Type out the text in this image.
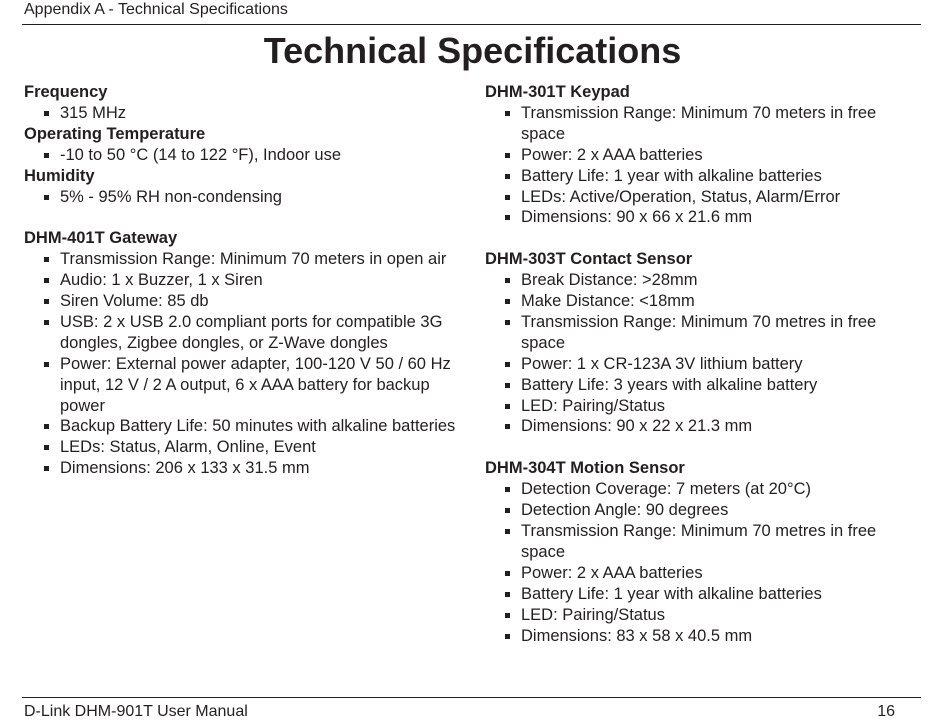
Appendix A - Technical Specifications
Technical Specifications
Frequency
315 MHz
Operating Temperature
-10 to 50 °C (14 to 122 °F), Indoor use
Humidity
5% - 95% RH non-condensing
DHM-401T Gateway
Transmission Range: Minimum 70 meters in open air
Audio: 1 x Buzzer, 1 x Siren
Siren Volume: 85 db
USB: 2 x USB 2.0 compliant ports for compatible 3G dongles, Zigbee dongles, or Z-Wave dongles
Power: External power adapter, 100-120 V 50 / 60 Hz input, 12 V / 2 A output, 6 x AAA battery for backup power
Backup Battery Life: 50 minutes with alkaline batteries
LEDs: Status, Alarm, Online, Event
Dimensions: 206 x 133 x 31.5 mm
DHM-301T Keypad
Transmission Range: Minimum 70 meters in free space
Power: 2 x AAA batteries
Battery Life: 1 year with alkaline batteries
LEDs: Active/Operation, Status, Alarm/Error
Dimensions: 90 x 66 x 21.6 mm
DHM-303T Contact Sensor
Break Distance: >28mm
Make Distance: <18mm
Transmission Range: Minimum 70 metres in free space
Power: 1 x CR-123A 3V lithium battery
Battery Life: 3 years with alkaline battery
LED: Pairing/Status
Dimensions: 90 x 22 x 21.3 mm
DHM-304T Motion Sensor
Detection Coverage: 7 meters (at 20°C)
Detection Angle: 90 degrees
Transmission Range: Minimum 70 metres in free space
Power: 2 x AAA batteries
Battery Life: 1 year with alkaline batteries
LED: Pairing/Status
Dimensions: 83 x 58 x 40.5 mm
D-Link DHM-901T User Manual	16
